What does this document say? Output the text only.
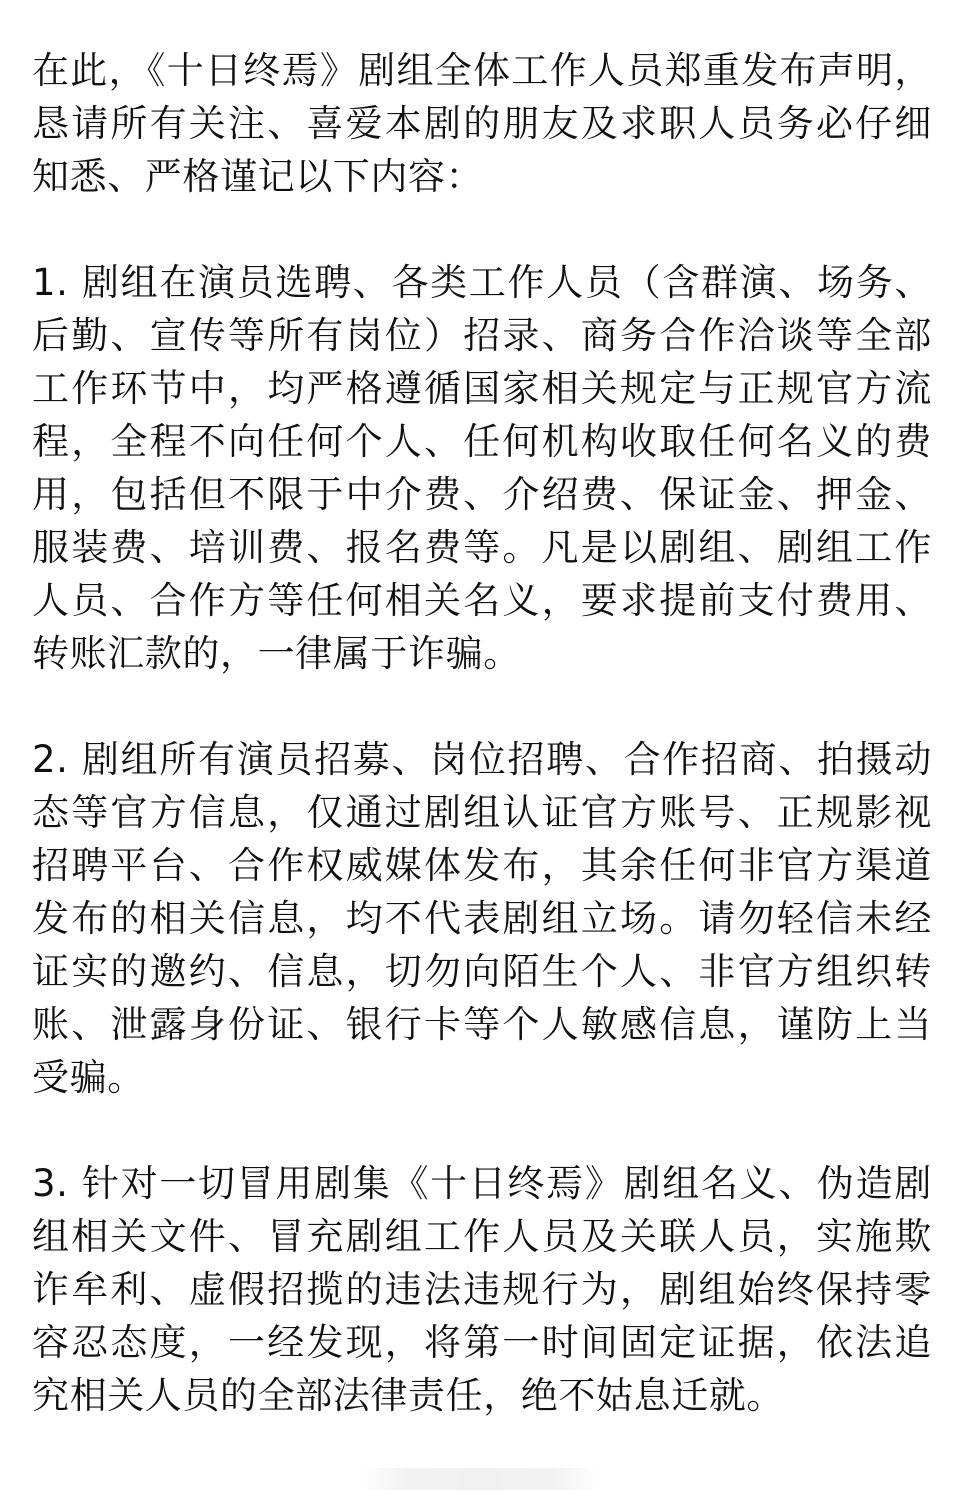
在此，《十日终焉》剧组全体工作人员郑重发布声明，恳请所有关注、喜爱本剧的朋友及求职人员务必仔细知悉、严格谨记以下内容：

1. 剧组在演员选聘、各类工作人员（含群演、场务、后勤、宣传等所有岗位）招录、商务合作洽谈等全部工作环节中，均严格遵循国家相关规定与正规官方流程，全程不向任何个人、任何机构收取任何名义的费用，包括但不限于中介费、介绍费、保证金、押金、服装费、培训费、报名费等。凡是以剧组、剧组工作人员、合作方等任何相关名义，要求提前支付费用、转账汇款的，一律属于诈骗。

2. 剧组所有演员招募、岗位招聘、合作招商、拍摄动态等官方信息，仅通过剧组认证官方账号、正规影视招聘平台、合作权威媒体发布，其余任何非官方渠道发布的相关信息，均不代表剧组立场。请勿轻信未经证实的邀约、信息，切勿向陌生个人、非官方组织转账、泄露身份证、银行卡等个人敏感信息，谨防上当受骗。

3. 针对一切冒用剧集《十日终焉》剧组名义、伪造剧组相关文件、冒充剧组工作人员及关联人员，实施欺诈牟利、虚假招揽的违法违规行为，剧组始终保持零容忍态度，一经发现，将第一时间固定证据，依法追究相关人员的全部法律责任，绝不姑息迁就。
